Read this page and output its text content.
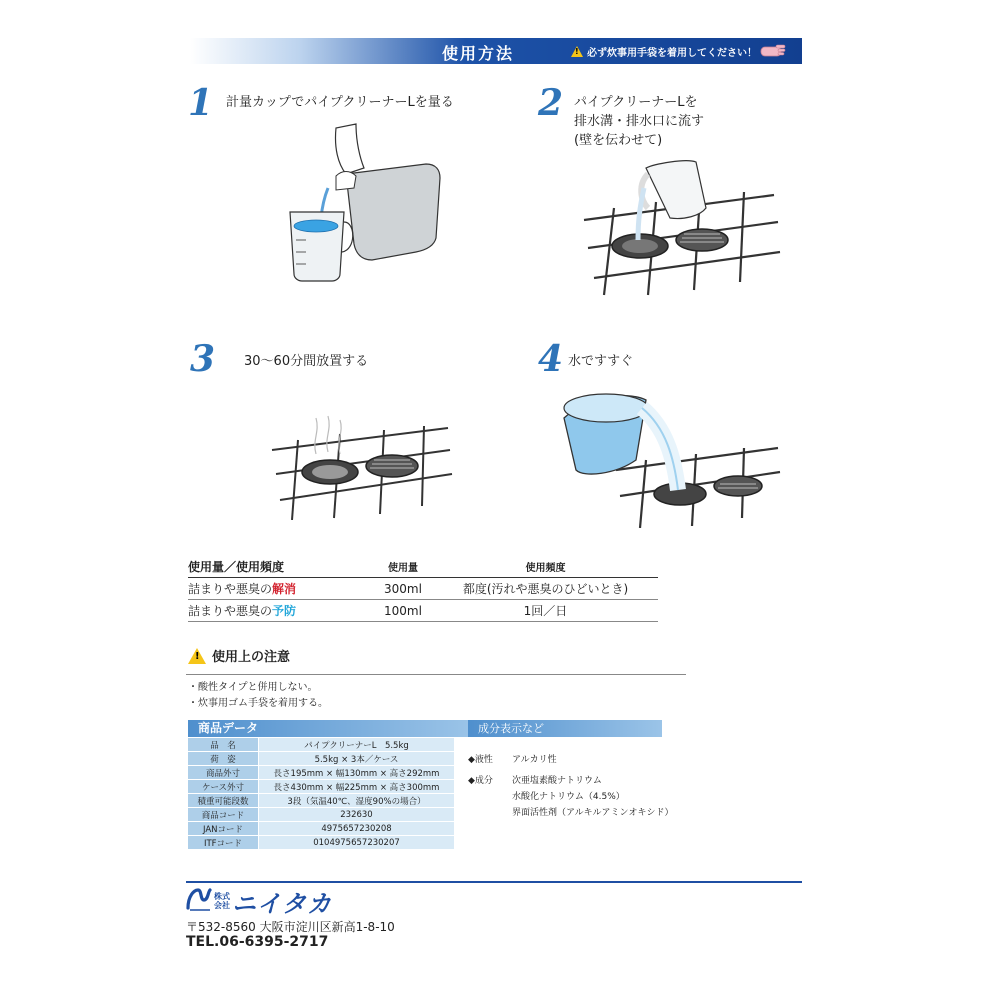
使用方法 !	必ず炊事用手袋を着用してください！
1 計量カップでパイプクリーナーLを量る 2 パイプクリーナーLを
排水溝・排水口に流す
(壁を伝わせて)
3 30〜60分間放置する	4 水ですすぐ
使用量／使用頻度	使用量	使用頻度
詰まりや悪臭の解消	300ml	都度(汚れや悪臭のひどいとき)
詰まりや悪臭の予防	100ml	1回／日
!
使用上の注意
・酸性タイプと併用しない。
・炊事用ゴム手袋を着用する。
商品データ
品　名	パイプクリーナーL　5.5kg
荷　姿	5.5kg × 3本／ケース
商品外寸	長さ195mm × 幅130mm × 高さ292mm
ケース外寸	長さ430mm × 幅225mm × 高さ300mm
積重可能段数	3段（気温40℃、湿度90%の場合）
商品コード	232630
JANコード	4975657230208
ITFコード	0104975657230207
成分表示など
◆液性 アルカリ性
◆成分 次亜塩素酸ナトリウム
水酸化ナトリウム（4.5%）
界面活性剤（アルキルアミンオキシド）
株式
会社 ニイタカ
〒532-8560 大阪市淀川区新高1-8-10
TEL.06-6395-2717
